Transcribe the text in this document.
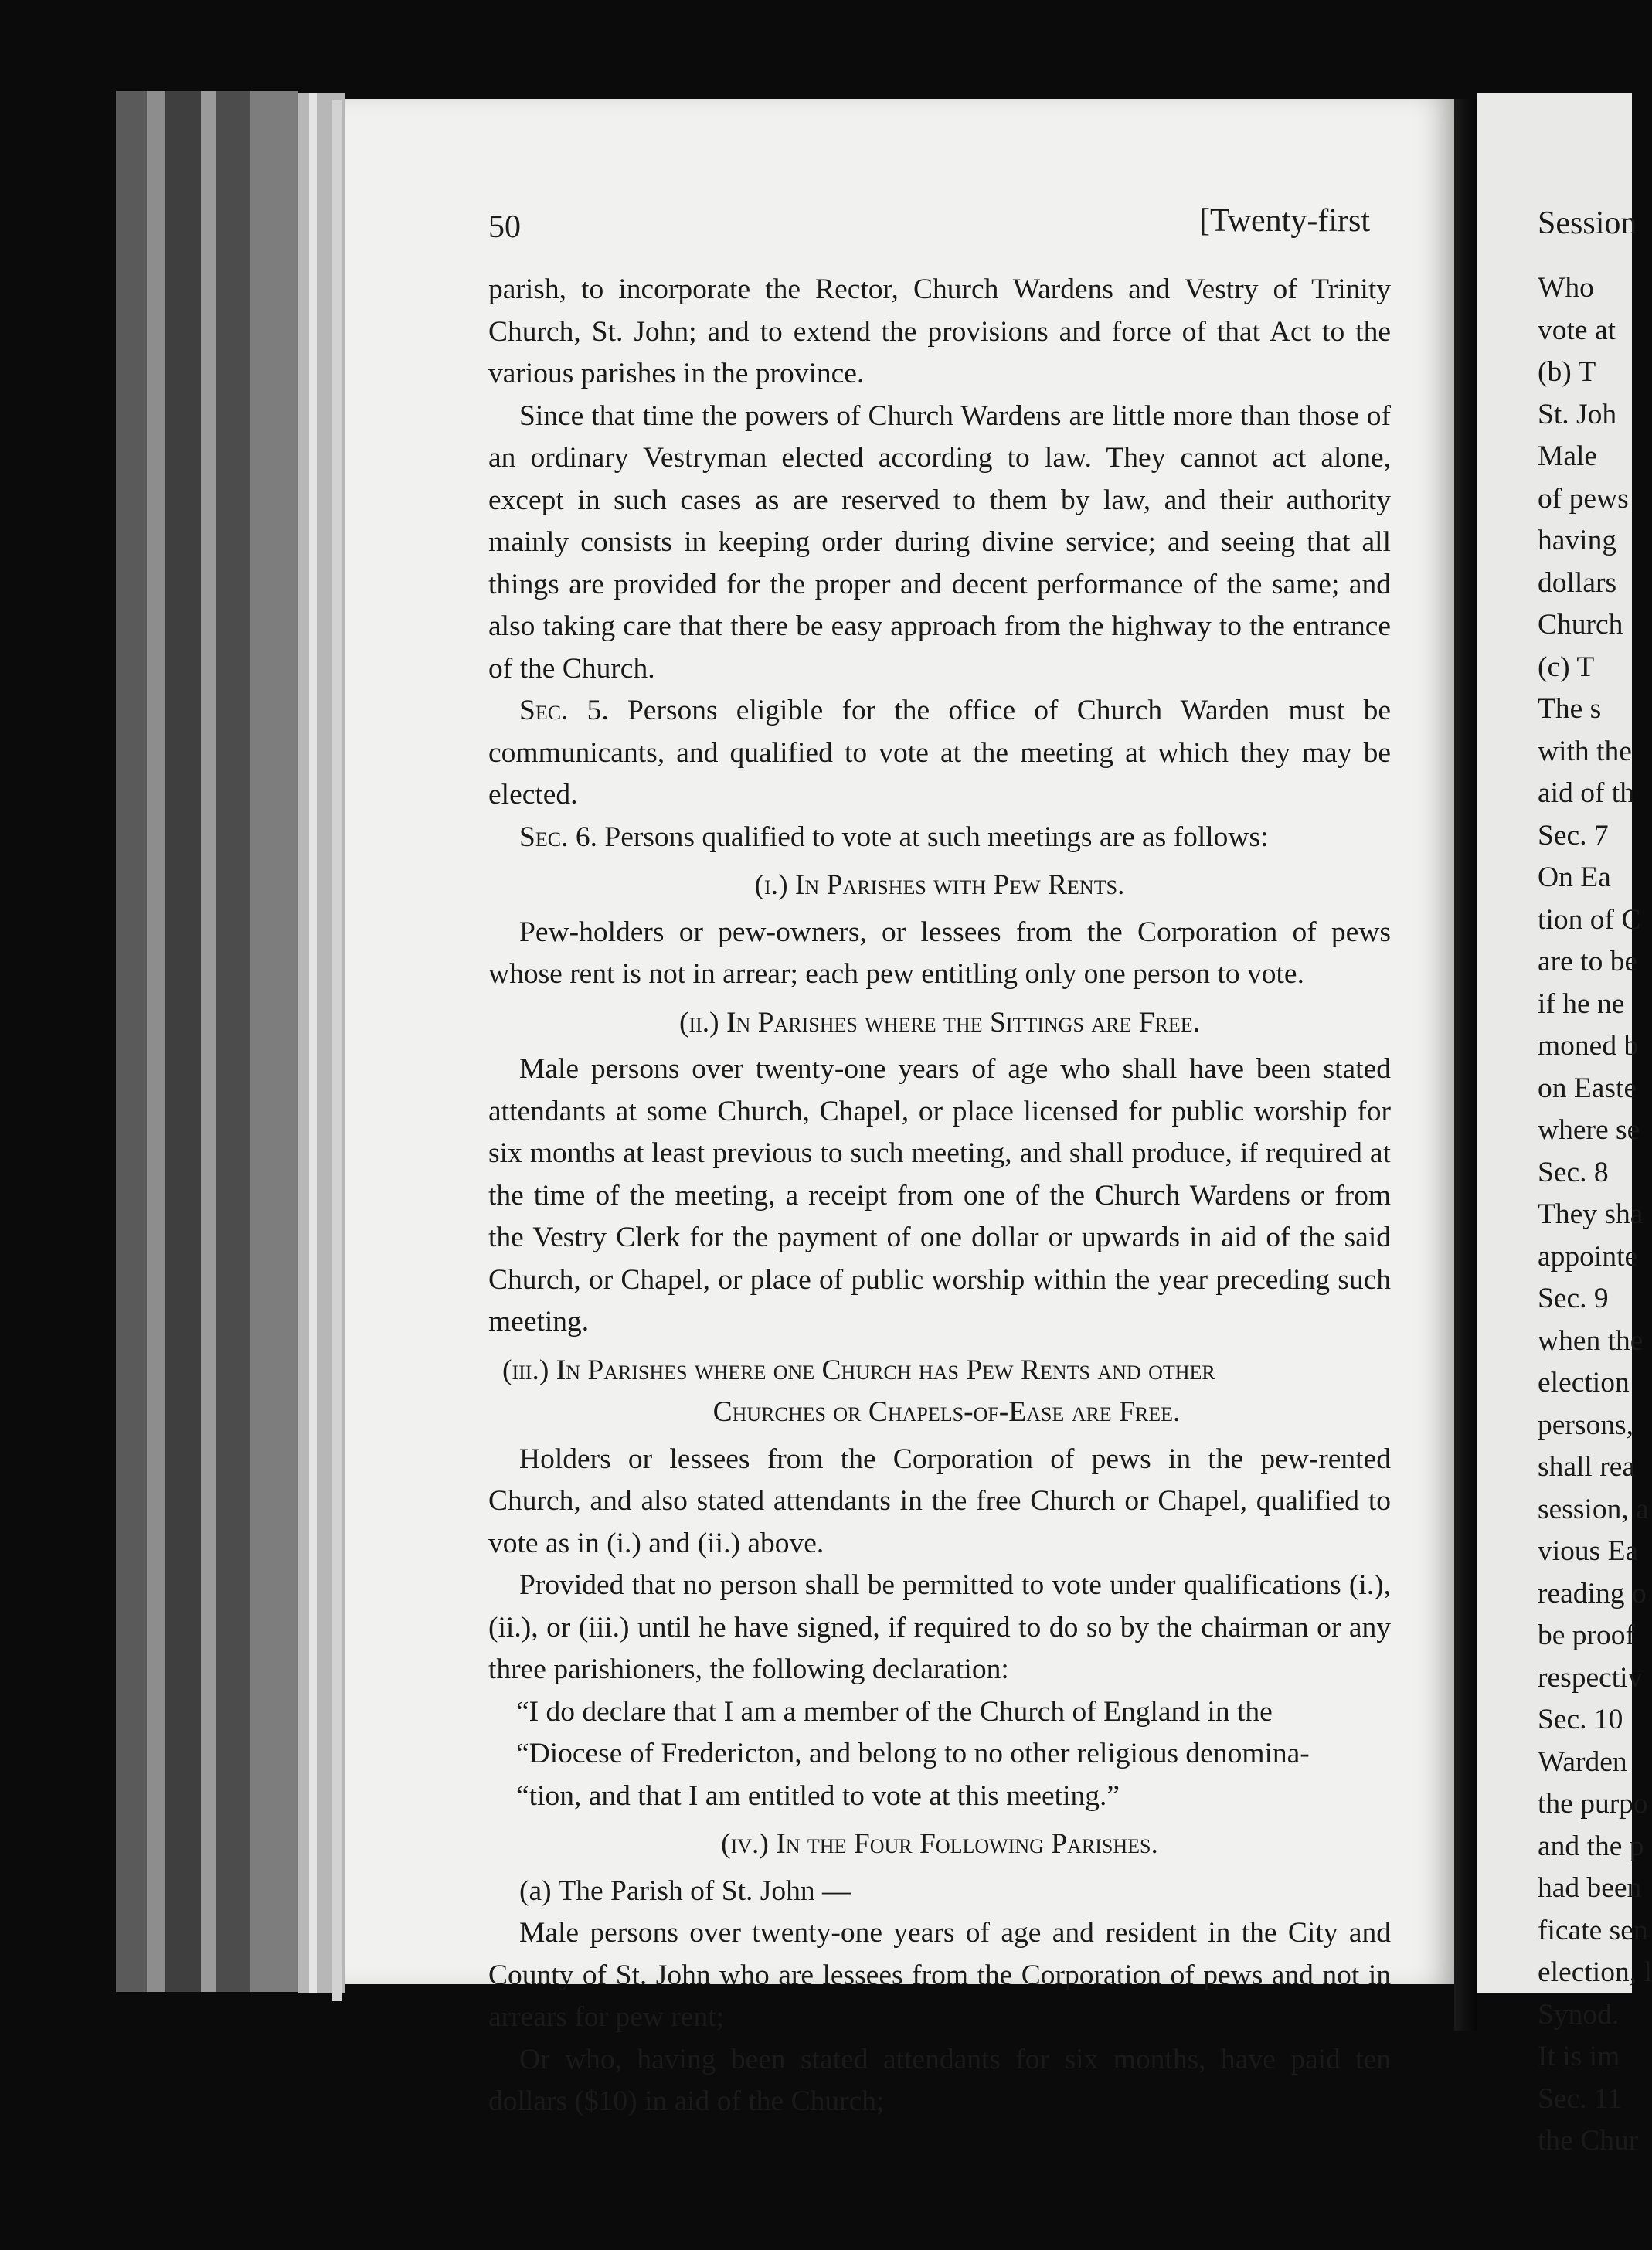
50	[Twenty-first

parish, to incorporate the Rector, Church Wardens and Vestry of Trinity Church, St. John; and to extend the provisions and force of that Act to the various parishes in the province.

Since that time the powers of Church Wardens are little more than those of an ordinary Vestryman elected according to law. They cannot act alone, except in such cases as are reserved to them by law, and their authority mainly consists in keeping order during divine service; and seeing that all things are provided for the proper and decent performance of the same; and also taking care that there be easy approach from the highway to the entrance of the Church.

Sec. 5. Persons eligible for the office of Church Warden must be communicants, and qualified to vote at the meeting at which they may be elected.

Sec. 6. Persons qualified to vote at such meetings are as follows:

(i.) In Parishes with Pew Rents.

Pew-holders or pew-owners, or lessees from the Corporation of pews whose rent is not in arrear; each pew entitling only one person to vote.

(ii.) In Parishes where the Sittings are Free.

Male persons over twenty-one years of age who shall have been stated attendants at some Church, Chapel, or place licensed for public worship for six months at least previous to such meeting, and shall produce, if required at the time of the meeting, a receipt from one of the Church Wardens or from the Vestry Clerk for the payment of one dollar or upwards in aid of the said Church, or Chapel, or place of public worship within the year preceding such meeting.

(iii.) In Parishes where one Church has Pew Rents and other
Churches or Chapels-of-Ease are Free.

Holders or lessees from the Corporation of pews in the pew-rented Church, and also stated attendants in the free Church or Chapel, qualified to vote as in (i.) and (ii.) above.

Provided that no person shall be permitted to vote under qualifications (i.), (ii.), or (iii.) until he have signed, if required to do so by the chairman or any three parishioners, the following declaration:

“I do declare that I am a member of the Church of England in the

“Diocese of Fredericton, and belong to no other religious denomina-

“tion, and that I am entitled to vote at this meeting.”

(iv.) In the Four Following Parishes.

(a) The Parish of St. John —

Male persons over twenty-one years of age and resident in the City and County of St. John who are lessees from the Corporation of pews and not in arrears for pew rent;

Or who, having been stated attendants for six months, have paid ten dollars ($10) in aid of the Church;

Session
Who
vote at
(b) T
St. Joh
Male
of pews
having
dollars
Church
(c) T
The s
with the
aid of th
Sec. 7
On Ea
tion of C
are to be
if he ne
moned b
on Easte
where se
Sec. 8
They sha
appointe
Sec. 9
when the
election
persons,
shall rea
session, a
vious Ea
reading o
be proof
respectiv
Sec. 10
Warden
the purpo
and the p
had been
ficate sen
election, l
Synod.
It is im
Sec. 11
the Chur
